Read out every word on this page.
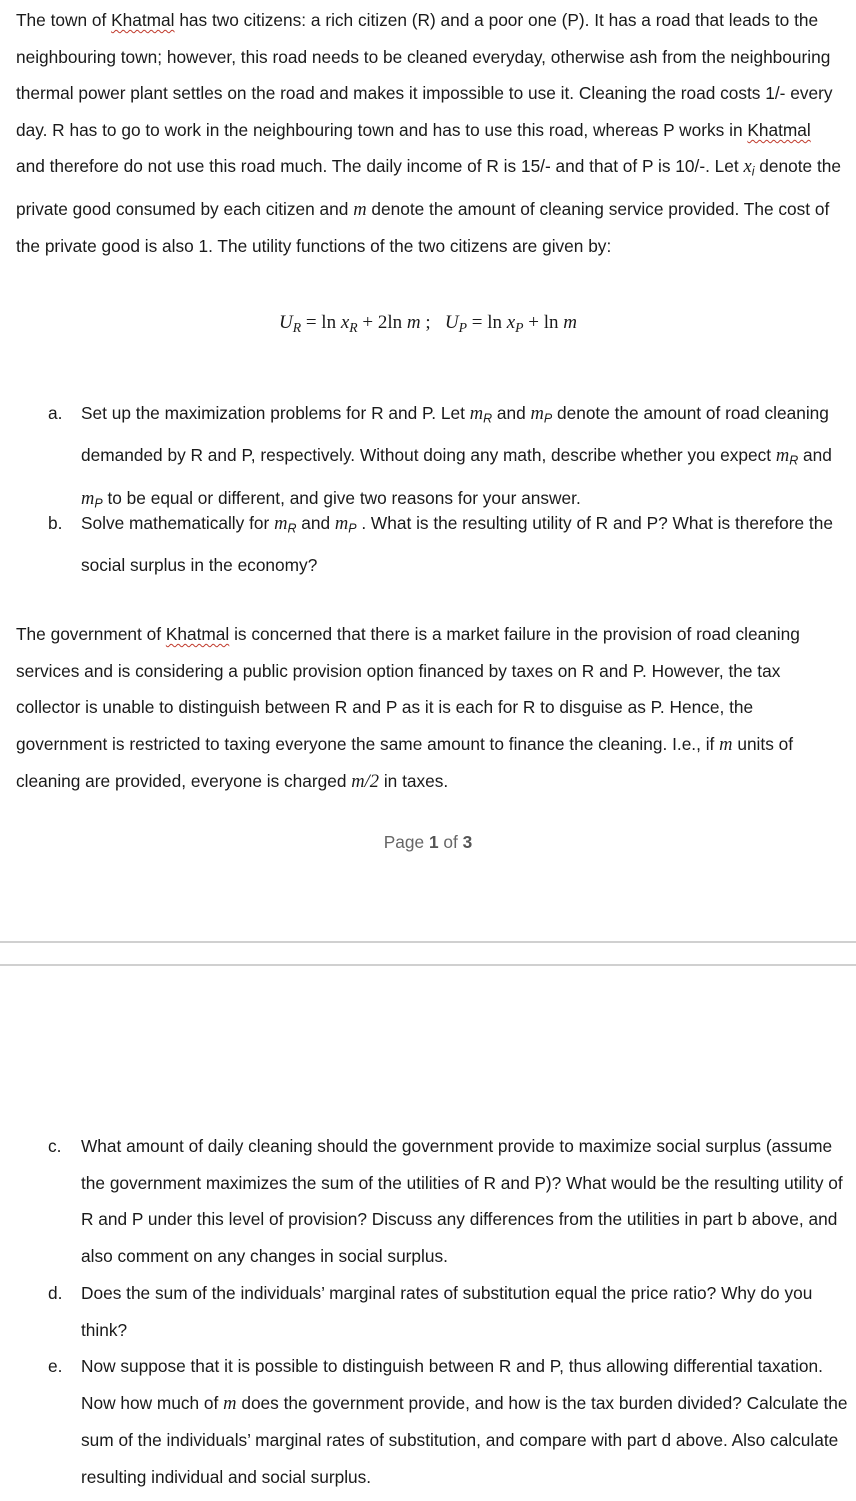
The town of Khatmal has two citizens: a rich citizen (R) and a poor one (P). It has a road that leads to the neighbouring town; however, this road needs to be cleaned everyday, otherwise ash from the neighbouring thermal power plant settles on the road and makes it impossible to use it. Cleaning the road costs 1/- every day. R has to go to work in the neighbouring town and has to use this road, whereas P works in Khatmal and therefore do not use this road much. The daily income of R is 15/- and that of P is 10/-. Let $x_i$ denote the private good consumed by each citizen and m denote the amount of cleaning service provided. The cost of the private good is also 1. The utility functions of the two citizens are given by:
$U_R = \ln x_R + 2\ln$ m ;   $U_P = \ln x_P + \ln m$
a.	Set up the maximization problems for R and P. Let $m_R$ and $m_P$ denote the amount of road cleaning demanded by R and P, respectively. Without doing any math, describe whether you expect $m_R$ and $m_P$ to be equal or different, and give two reasons for your answer.
b.	Solve mathematically for $m_R$ and $m_P$ . What is the resulting utility of R and P? What is therefore the social surplus in the economy?
The government of Khatmal is concerned that there is a market failure in the provision of road cleaning services and is considering a public provision option financed by taxes on R and P. However, the tax collector is unable to distinguish between R and P as it is each for R to disguise as P. Hence, the government is restricted to taxing everyone the same amount to finance the cleaning. I.e., if m units of cleaning are provided, everyone is charged m/2 in taxes.
Page 1 of 3
c.	What amount of daily cleaning should the government provide to maximize social surplus (assume the government maximizes the sum of the utilities of R and P)? What would be the resulting utility of R and P under this level of provision? Discuss any differences from the utilities in part b above, and also comment on any changes in social surplus.
d.	Does the sum of the individuals’ marginal rates of substitution equal the price ratio? Why do you think?
e.	Now suppose that it is possible to distinguish between R and P, thus allowing differential taxation. Now how much of m does the government provide, and how is the tax burden divided? Calculate the sum of the individuals’ marginal rates of substitution, and compare with part d above. Also calculate resulting individual and social surplus.
